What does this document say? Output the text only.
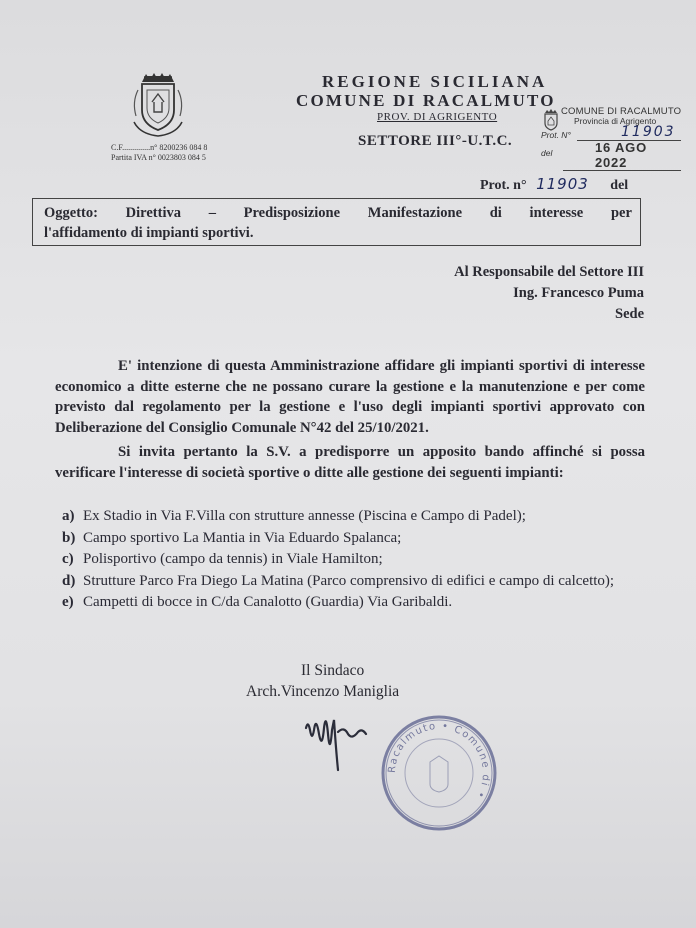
C.F..............n° 8200236 084 8
Partita IVA n° 0023803 084 5
REGIONE SICILIANA
COMUNE DI RACALMUTO
PROV. DI AGRIGENTO
SETTORE III°-U.T.C.
COMUNE DI RACALMUTO
Provincia di Agrigento
Prot. N°	11903
del	16 AGO 2022
Prot. n° 11903 del
Oggetto: Direttiva – Predisposizione Manifestazione di interesse per
l'affidamento di impianti sportivi.
Al Responsabile del Settore III
Ing. Francesco Puma
Sede

E' intenzione di questa Amministrazione affidare gli impianti sportivi di interesse economico a ditte esterne che ne possano curare la gestione e la manutenzione e per come previsto dal regolamento per la gestione e l'uso degli impianti sportivi approvato con Deliberazione del Consiglio Comunale N°42 del 25/10/2021.

Si invita pertanto la S.V. a predisporre un apposito bando affinché si possa verificare l'interesse di società sportive o ditte alle gestione dei seguenti impianti:

a) Ex Stadio in Via F.Villa con strutture annesse (Piscina e Campo di Padel);
b) Campo sportivo La Mantia in Via Eduardo Spalanca;
c) Polisportivo (campo da tennis) in Viale Hamilton;
d) Strutture Parco Fra Diego La Matina (Parco comprensivo di edifici e campo di calcetto);
e) Campetti di bocce in C/da Canalotto (Guardia) Via Garibaldi.
Il Sindaco
Arch.Vincenzo Maniglia
Racalmuto • Comune di •
